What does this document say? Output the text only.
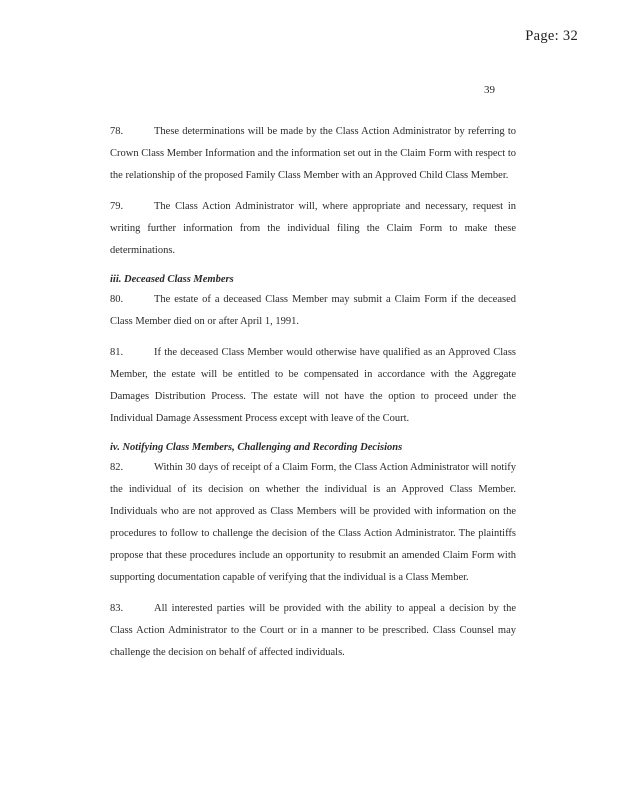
Page: 32
39

78.	These determinations will be made by the Class Action Administrator by referring to Crown Class Member Information and the information set out in the Claim Form with respect to the relationship of the proposed Family Class Member with an Approved Child Class Member.

79.	The Class Action Administrator will, where appropriate and necessary, request in writing further information from the individual filing the Claim Form to make these determinations.

iii. Deceased Class Members

80.	The estate of a deceased Class Member may submit a Claim Form if the deceased Class Member died on or after April 1, 1991.

81.	If the deceased Class Member would otherwise have qualified as an Approved Class Member, the estate will be entitled to be compensated in accordance with the Aggregate Damages Distribution Process. The estate will not have the option to proceed under the Individual Damage Assessment Process except with leave of the Court.

iv. Notifying Class Members, Challenging and Recording Decisions

82.	Within 30 days of receipt of a Claim Form, the Class Action Administrator will notify the individual of its decision on whether the individual is an Approved Class Member. Individuals who are not approved as Class Members will be provided with information on the procedures to follow to challenge the decision of the Class Action Administrator. The plaintiffs propose that these procedures include an opportunity to resubmit an amended Claim Form with supporting documentation capable of verifying that the individual is a Class Member.

83.	All interested parties will be provided with the ability to appeal a decision by the Class Action Administrator to the Court or in a manner to be prescribed. Class Counsel may challenge the decision on behalf of affected individuals.
